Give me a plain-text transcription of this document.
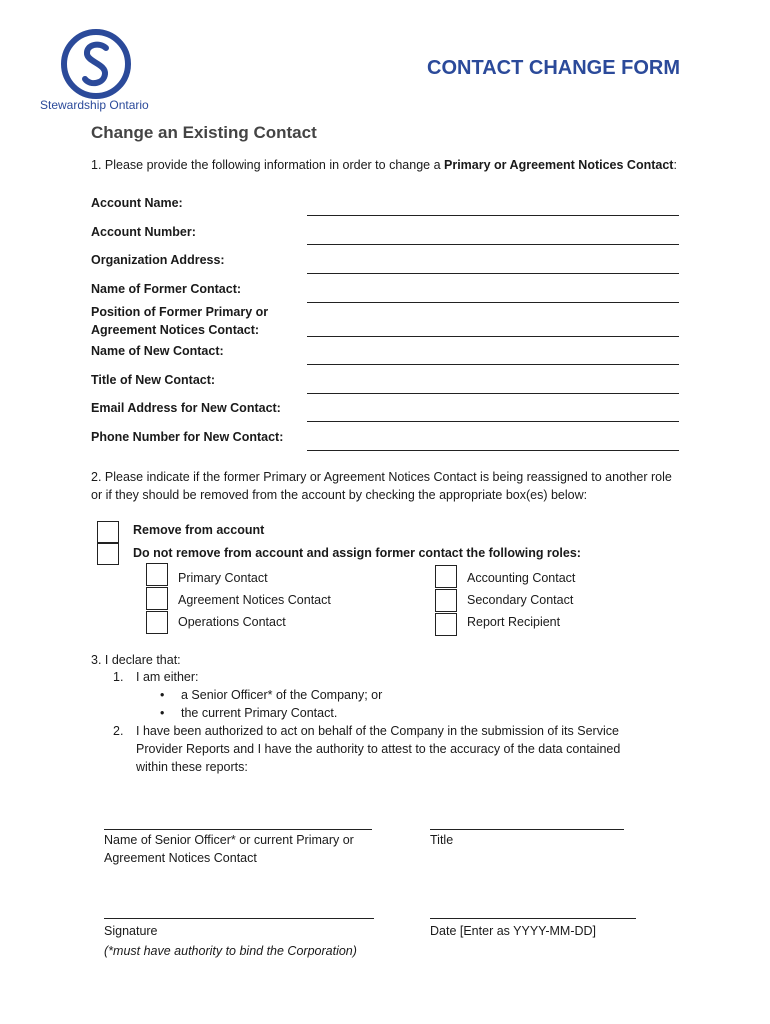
Stewardship Ontario
CONTACT CHANGE FORM
Change an Existing Contact
1. Please provide the following information in order to change a Primary or Agreement Notices Contact:
Account Name:
Account Number:
Organization Address:
Name of Former Contact:
Position of Former Primary or Agreement Notices Contact:
Name of New Contact:
Title of New Contact:
Email Address for New Contact:
Phone Number for New Contact:
2. Please indicate if the former Primary or Agreement Notices Contact is being reassigned to another role or if they should be removed from the account by checking the appropriate box(es) below:
Remove from account
Do not remove from account and assign former contact the following roles:
Primary Contact
Agreement Notices Contact
Operations Contact
Accounting Contact
Secondary Contact
Report Recipient
3. I declare that:
1. I am either:
• a Senior Officer* of the Company; or
• the current Primary Contact.
2. I have been authorized to act on behalf of the Company in the submission of its Service Provider Reports and I have the authority to attest to the accuracy of the data contained within these reports:
Name of Senior Officer* or current Primary or Agreement Notices Contact
Title
Signature
(*must have authority to bind the Corporation)
Date [Enter as YYYY-MM-DD]
